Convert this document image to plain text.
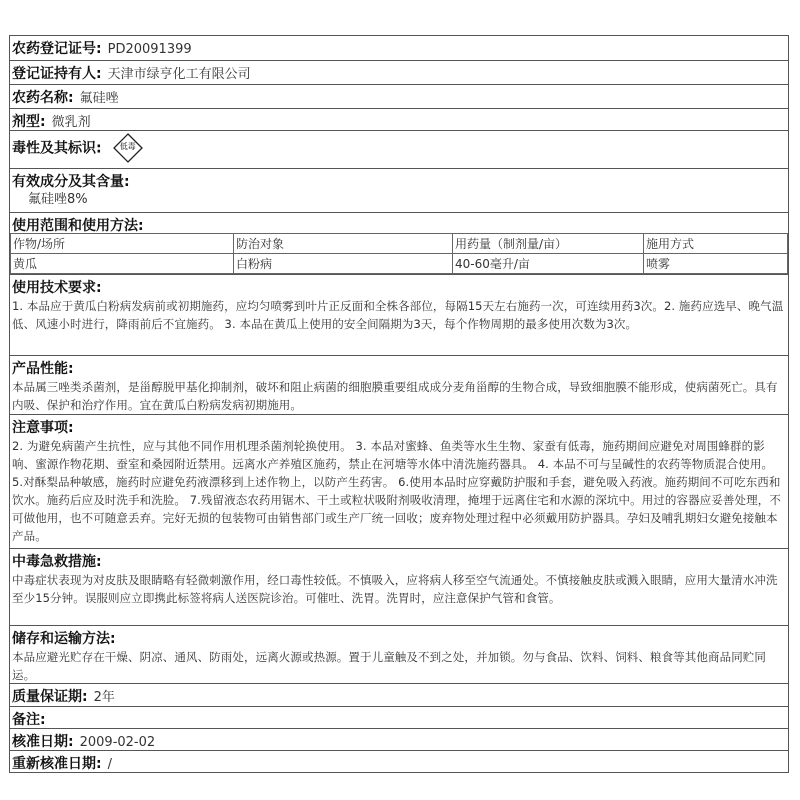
农药登记证号: PD20091399
登记证持有人: 天津市绿亨化工有限公司
农药名称: 氟硅唑
剂型: 微乳剂
毒性及其标识:	低毒
有效成分及其含量:
氟硅唑8%
使用范围和使用方法:
作物/场所	防治对象	用药量（制剂量/亩）	施用方式
黄瓜	白粉病	40-60毫升/亩	喷雾
使用技术要求:
1. 本品应于黄瓜白粉病发病前或初期施药，应均匀喷雾到叶片正反面和全株各部位，每隔15天左右施药一次，可连续用药3次。2. 施药应选早、晚气温低、风速小时进行，降雨前后不宜施药。 3. 本品在黄瓜上使用的安全间隔期为3天，每个作物周期的最多使用次数为3次。
产品性能:
本品属三唑类杀菌剂，是甾醇脱甲基化抑制剂，破坏和阻止病菌的细胞膜重要组成成分麦角甾醇的生物合成，导致细胞膜不能形成，使病菌死亡。具有内吸、保护和治疗作用。宜在黄瓜白粉病发病初期施用。
注意事项:
2. 为避免病菌产生抗性，应与其他不同作用机理杀菌剂轮换使用。 3. 本品对蜜蜂、鱼类等水生生物、家蚕有低毒，施药期间应避免对周围蜂群的影响、蜜源作物花期、蚕室和桑园附近禁用。远离水产养殖区施药，禁止在河塘等水体中清洗施药器具。 4. 本品不可与呈碱性的农药等物质混合使用。 5.对酥梨品种敏感，施药时应避免药液漂移到上述作物上，以防产生药害。 6.使用本品时应穿戴防护服和手套，避免吸入药液。施药期间不可吃东西和饮水。施药后应及时洗手和洗脸。 7.残留液态农药用锯木、干土或粒状吸附剂吸收清理，掩埋于远离住宅和水源的深坑中。用过的容器应妥善处理，不可做他用，也不可随意丢弃。完好无损的包装物可由销售部门或生产厂统一回收；废弃物处理过程中必须戴用防护器具。孕妇及哺乳期妇女避免接触本产品。
中毒急救措施:
中毒症状表现为对皮肤及眼睛略有轻微刺激作用，经口毒性较低。不慎吸入，应将病人移至空气流通处。不慎接触皮肤或溅入眼睛，应用大量清水冲洗至少15分钟。误服则应立即携此标签将病人送医院诊治。可催吐、洗胃。洗胃时，应注意保护气管和食管。
储存和运输方法:
本品应避光贮存在干燥、阴凉、通风、防雨处，远离火源或热源。置于儿童触及不到之处，并加锁。勿与食品、饮料、饲料、粮食等其他商品同贮同运。
质量保证期: 2年
备注:
核准日期: 2009-02-02
重新核准日期: /
